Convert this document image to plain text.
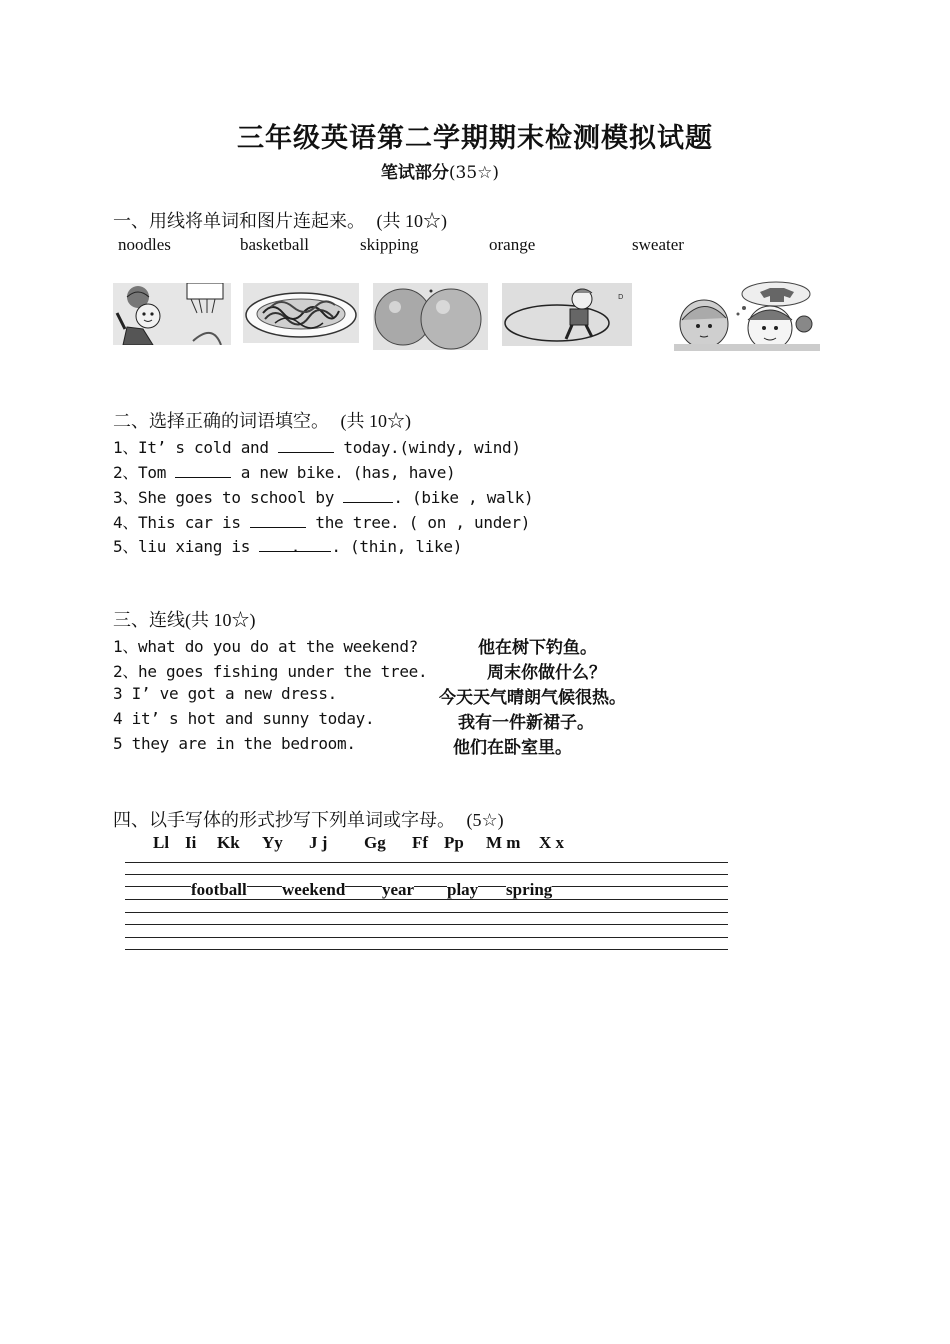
三年级英语第二学期期末检测模拟试题
笔试部分(35☆)
一、用线将单词和图片连起来。 (共 10☆)
noodles	basketball	skipping	orange	sweater
D
二、选择正确的词语填空。 (共 10☆)
1、It’ s cold and	today.(windy, wind)
2、Tom	a new bike. (has, have)
3、She goes to school by	. (bike , walk)
4、This car is	the tree. ( on , under)
5、liu xiang is	. . (thin, like)
三、连线(共 10☆)
1、what do you do at the weekend?
2、he goes fishing under the tree.
3 I’ ve got a new dress.
4 it’ s hot and sunny today.
5 they are in the bedroom.
他在树下钓鱼。
周末你做什么？
今天天气晴朗气候很热。
我有一件新裙子。
他们在卧室里。
四、以手写体的形式抄写下列单词或字母。 (5☆)
Ll Ii Kk Yy J j Gg Ff Pp M m X x
football weekend year play spring
